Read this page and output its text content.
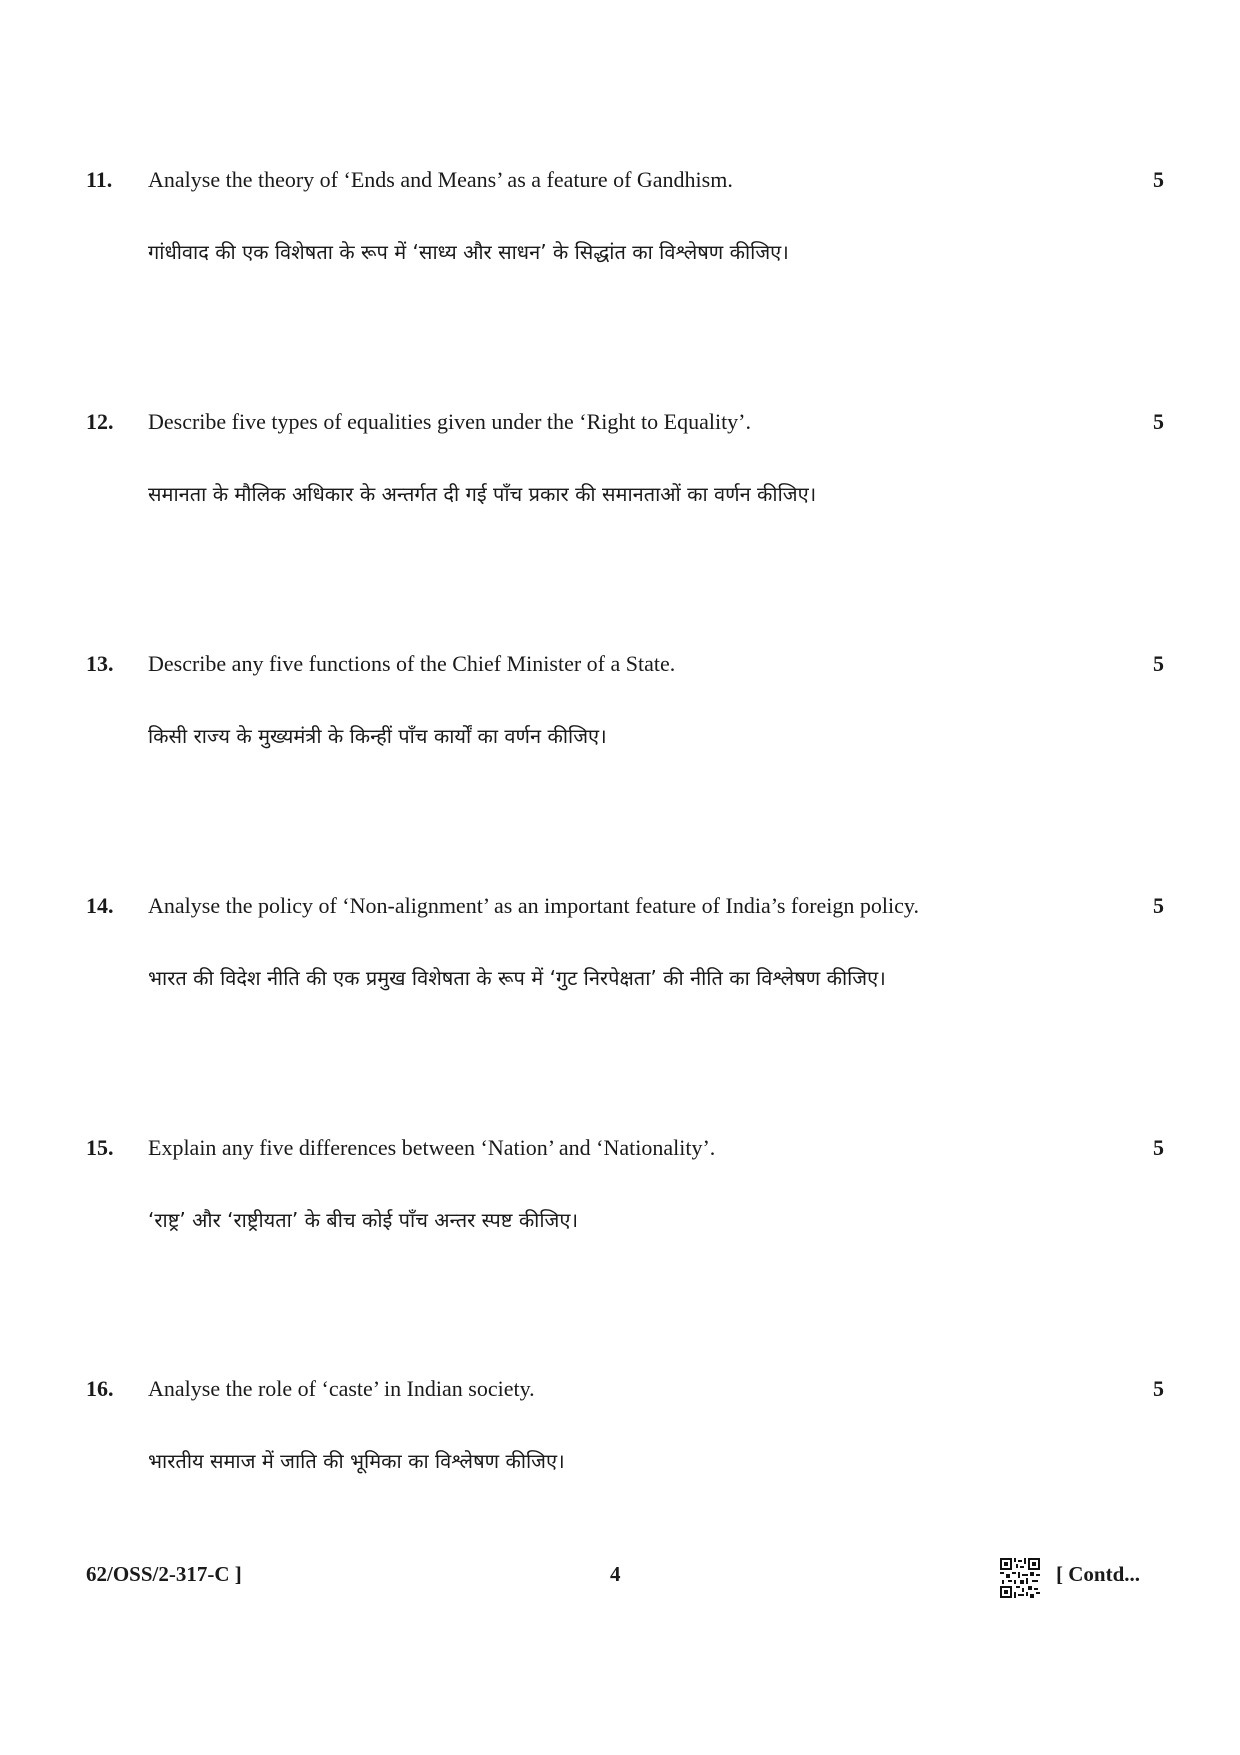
11. Analyse the theory of ‘Ends and Means’ as a feature of Gandhism.	5
गांधीवाद की एक विशेषता के रूप में ‘साध्य और साधन’ के सिद्धांत का विश्लेषण कीजिए।
12. Describe five types of equalities given under the ‘Right to Equality’.	5
समानता के मौलिक अधिकार के अन्तर्गत दी गई पाँच प्रकार की समानताओं का वर्णन कीजिए।
13. Describe any five functions of the Chief Minister of a State.	5
किसी राज्य के मुख्यमंत्री के किन्हीं पाँच कार्यों का वर्णन कीजिए।
14. Analyse the policy of ‘Non-alignment’ as an important feature of India’s foreign policy.	5
भारत की विदेश नीति की एक प्रमुख विशेषता के रूप में ‘गुट निरपेक्षता’ की नीति का विश्लेषण कीजिए।
15. Explain any five differences between ‘Nation’ and ‘Nationality’.	5
‘राष्ट्र’ और ‘राष्ट्रीयता’ के बीच कोई पाँच अन्तर स्पष्ट कीजिए।
16. Analyse the role of ‘caste’ in Indian society.	5
भारतीय समाज में जाति की भूमिका का विश्लेषण कीजिए।
62/OSS/2-317-C ]	4	[ Contd...
